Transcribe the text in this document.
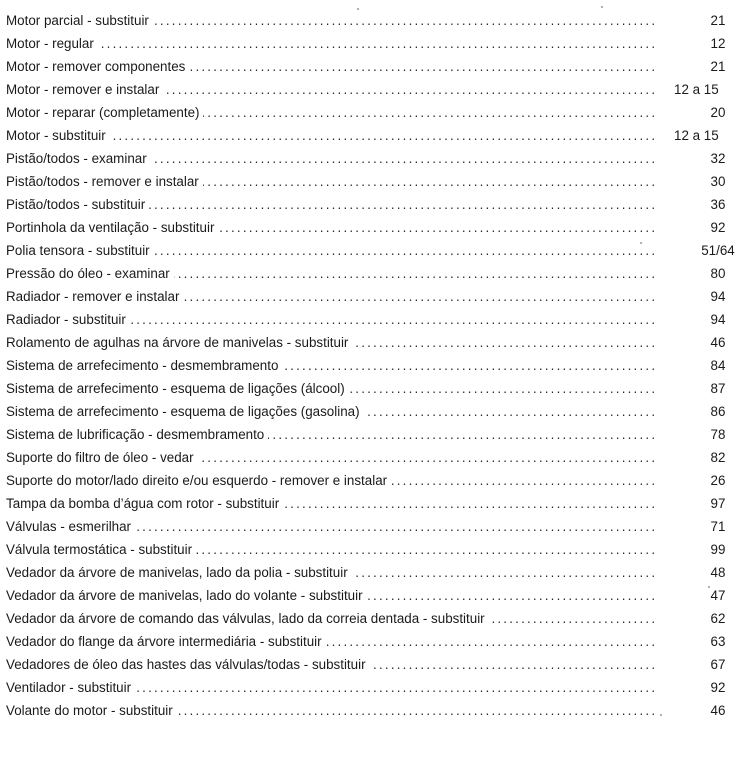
.....
Motor parcial - substituir	21
.....
Motor - regular	12
.....
Motor - remover componentes	21
.....
Motor - remover e instalar	12 a 15
.....
Motor - reparar (completamente)	20
.....
Motor - substituir	12 a 15
.....
Pistão/todos - examinar	32
.....
Pistão/todos - remover e instalar	30
.....
Pistão/todos - substituir	36
.....
Portinhola da ventilação - substituir	92
.....
Polia tensora - substituir	51/64
.....
Pressão do óleo - examinar	80
.....
Radiador - remover e instalar	94
.....
Radiador - substituir	94
.....
Rolamento de agulhas na árvore de manivelas - substituir	46
.....
Sistema de arrefecimento - desmembramento	84
.....
Sistema de arrefecimento - esquema de ligações (álcool)	87
.....
Sistema de arrefecimento - esquema de ligações (gasolina)	86
.....
Sistema de lubrificação - desmembramento	78
.....
Suporte do filtro de óleo - vedar	82
.....
Suporte do motor/lado direito e/ou esquerdo - remover e instalar	26
.....
Tampa da bomba d’água com rotor - substituir	97
.....
Válvulas - esmerilhar	71
.....
Válvula termostática - substituir	99
.....
Vedador da árvore de manivelas, lado da polia - substituir	48
.....
Vedador da árvore de manivelas, lado do volante - substituir	47
.....
Vedador da árvore de comando das válvulas, lado da correia dentada - substituir	62
.....
Vedador do flange da árvore intermediária - substituir	63
.....
Vedadores de óleo das hastes das válvulas/todas - substituir	67
.....
Ventilador - substituir	92
.....
Volante do motor - substituir	46
